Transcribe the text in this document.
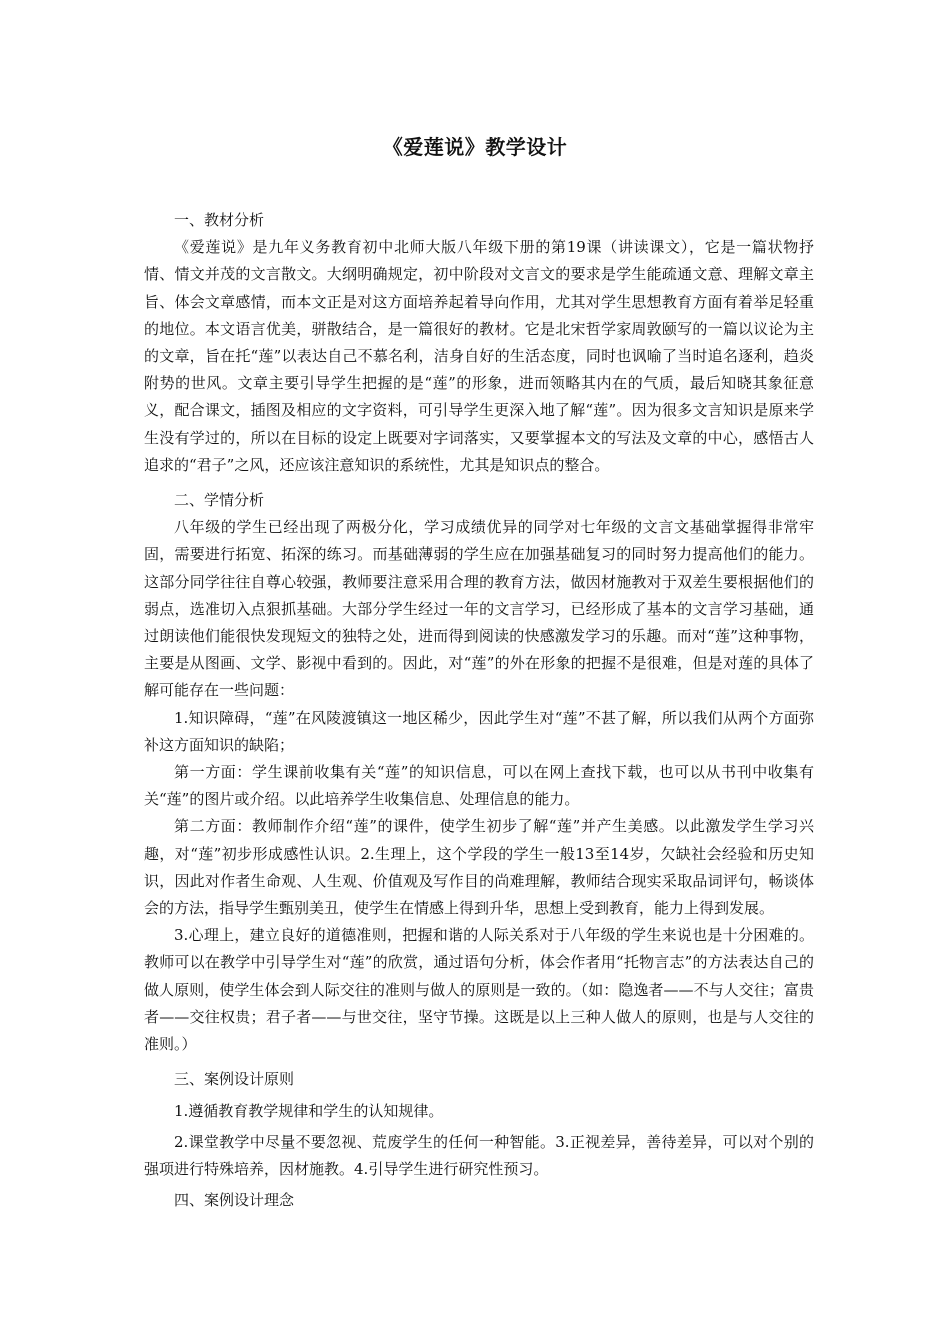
《爱莲说》教学设计

一、教材分析

《爱莲说》是九年义务教育初中北师大版八年级下册的第19课（讲读课文），它是一篇状物抒情、情文并茂的文言散文。大纲明确规定，初中阶段对文言文的要求是学生能疏通文意、理解文章主旨、体会文章感情，而本文正是对这方面培养起着导向作用，尤其对学生思想教育方面有着举足轻重的地位。本文语言优美，骈散结合，是一篇很好的教材。它是北宋哲学家周敦颐写的一篇以议论为主的文章，旨在托“莲”以表达自己不慕名利，洁身自好的生活态度，同时也讽喻了当时追名逐利，趋炎附势的世风。文章主要引导学生把握的是“莲”的形象，进而领略其内在的气质，最后知晓其象征意义，配合课文，插图及相应的文字资料，可引导学生更深入地了解“莲”。因为很多文言知识是原来学生没有学过的，所以在目标的设定上既要对字词落实，又要掌握本文的写法及文章的中心，感悟古人追求的“君子”之风，还应该注意知识的系统性，尤其是知识点的整合。

二、学情分析

八年级的学生已经出现了两极分化，学习成绩优异的同学对七年级的文言文基础掌握得非常牢固，需要进行拓宽、拓深的练习。而基础薄弱的学生应在加强基础复习的同时努力提高他们的能力。这部分同学往往自尊心较强，教师要注意采用合理的教育方法，做因材施教对于双差生要根据他们的弱点，选准切入点狠抓基础。大部分学生经过一年的文言学习，已经形成了基本的文言学习基础，通过朗读他们能很快发现短文的独特之处，进而得到阅读的快感激发学习的乐趣。而对“莲”这种事物，主要是从图画、文学、影视中看到的。因此，对“莲”的外在形象的把握不是很难，但是对莲的具体了解可能存在一些问题：

1.知识障碍，“莲”在风陵渡镇这一地区稀少，因此学生对“莲”不甚了解，所以我们从两个方面弥补这方面知识的缺陷；

第一方面：学生课前收集有关“莲”的知识信息，可以在网上查找下载，也可以从书刊中收集有关“莲”的图片或介绍。以此培养学生收集信息、处理信息的能力。

第二方面：教师制作介绍“莲”的课件，使学生初步了解“莲”并产生美感。以此激发学生学习兴趣，对“莲”初步形成感性认识。2.生理上，这个学段的学生一般13至14岁，欠缺社会经验和历史知识，因此对作者生命观、人生观、价值观及写作目的尚难理解，教师结合现实采取品词评句，畅谈体会的方法，指导学生甄别美丑，使学生在情感上得到升华，思想上受到教育，能力上得到发展。

3.心理上，建立良好的道德准则，把握和谐的人际关系对于八年级的学生来说也是十分困难的。教师可以在教学中引导学生对“莲”的欣赏，通过语句分析，体会作者用“托物言志”的方法表达自己的做人原则，使学生体会到人际交往的准则与做人的原则是一致的。（如：隐逸者——不与人交往；富贵者——交往权贵；君子者——与世交往，坚守节操。这既是以上三种人做人的原则，也是与人交往的准则。）

三、案例设计原则

1.遵循教育教学规律和学生的认知规律。

2.课堂教学中尽量不要忽视、荒废学生的任何一种智能。3.正视差异，善待差异，可以对个别的强项进行特殊培养，因材施教。4.引导学生进行研究性预习。

四、案例设计理念
